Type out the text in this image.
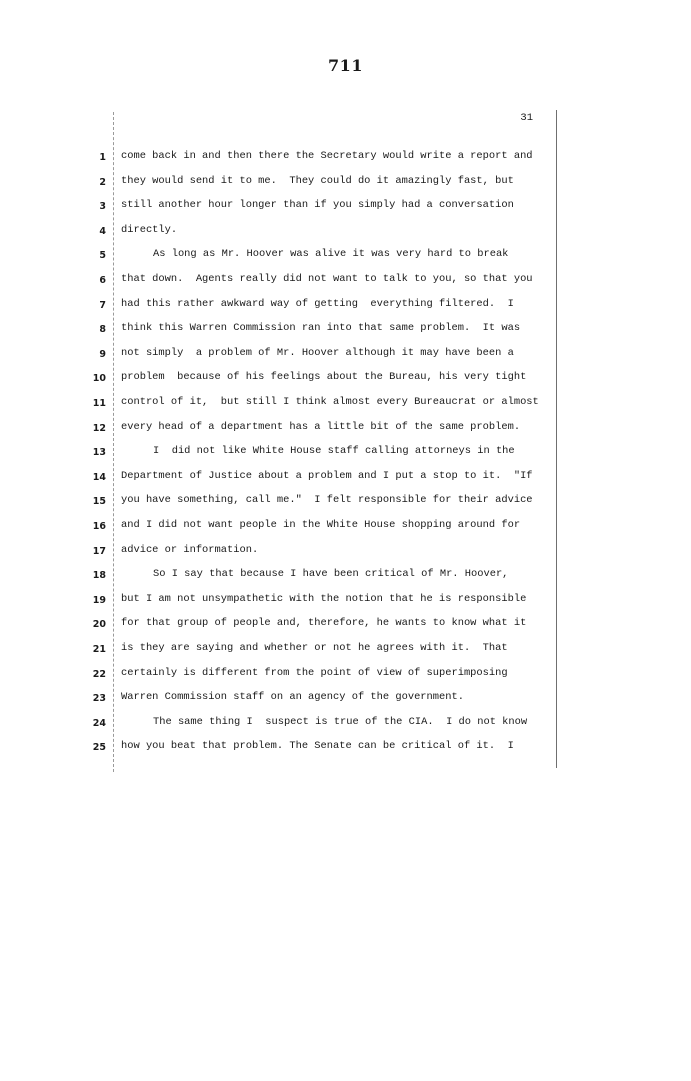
711
31
1 come back in and then there the Secretary would write a report and
2 they would send it to me.  They could do it amazingly fast, but
3 still another hour longer than if you simply had a conversation
4 directly.
5	As long as Mr. Hoover was alive it was very hard to break
6 that down.  Agents really did not want to talk to you, so that you
7 had this rather awkward way of getting  everything filtered.  I
8 think this Warren Commission ran into that same problem.  It was
9 not simply  a problem of Mr. Hoover although it may have been a
10 problem  because of his feelings about the Bureau, his very tight
11 control of it,  but still I think almost every Bureaucrat or almost
12 every head of a department has a little bit of the same problem.
13	I  did not like White House staff calling attorneys in the
14 Department of Justice about a problem and I put a stop to it.  "If
15 you have something, call me."  I felt responsible for their advice
16 and I did not want people in the White House shopping around for
17 advice or information.
18	So I say that because I have been critical of Mr. Hoover,
19 but I am not unsympathetic with the notion that he is responsible
20 for that group of people and, therefore, he wants to know what it
21 is they are saying and whether or not he agrees with it.  That
22 certainly is different from the point of view of superimposing
23 Warren Commission staff on an agency of the government.
24	The same thing I  suspect is true of the CIA.  I do not know
25 how you beat that problem. The Senate can be critical of it.  I
